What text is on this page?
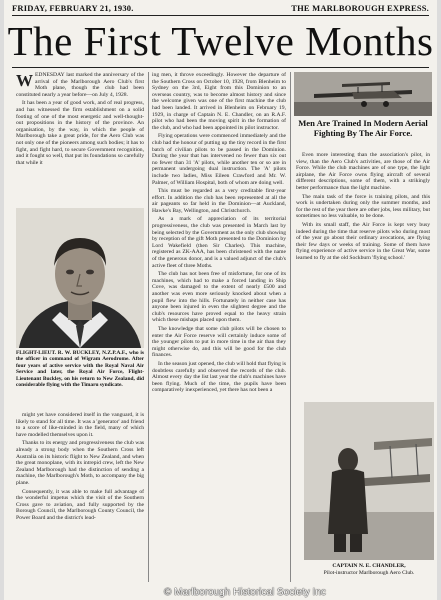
FRIDAY, FEBRUARY 21, 1930.	THE MARLBOROUGH EXPRESS.
The First Twelve Months

WEDNESDAY last marked the anniversary of the arrival of the Marlborough Aero Club's first Moth plane, though the club had been constituted nearly a year before—on July 4, 1928.

It has been a year of good work, and of real progress, and has witnessed the firm establishment on a solid footing of one of the most energetic and well-thought-out propositions in the history of the province. An organisation, by the way, in which the people of Marlborough take a great pride, for the Aero Club was not only one of the pioneers among such bodies; it has to fight, and fight hard, to secure Government recognition, and it fought so well, that put its foundations so carefully that while it

FLIGHT-LIEUT. R. W. BUCKLEY, N.Z.P.A.F., who is the officer in command of Wigram Aerodrome. After four years of active service with the Royal Naval Air Service and later, the Royal Air Force, Flight-Lieutenant Buckley, on his return to New Zealand, did considerable flying with the Timaru syndicate.

might yet have considered itself in the vanguard, it is likely to stand for all time. It was a 'generator' and friend to a score of like-minded in the field, many of which have modelled themselves upon it.

Thanks to its energy and progressiveness the club was already a strong body when the Southern Cross left Australia on its historic flight to New Zealand, and when the great monoplane, with its intrepid crew, left the New Zealand Marlborough had the distinction of sending a machine, the Marlborough's Moth, to accompany the big plane.

Consequently, it was able to make full advantage of the wonderful impetus which the visit of the Southern Cross gave to aviation, and fully supported by the Borough Council, the Marlborough County Council, the Power Board and the district's lead-

ing men, it throve exceedingly. However the departure of the Southern Cross on October 10, 1928, from Blenheim to Sydney on the 3rd, Eight from this Dominion to an overseas country, was to become almost history and since the welcome given was one of the first machine the club had been landed. It arrived in Blenheim on February 19, 1929, in charge of Captain N. E. Chandler, on an R.A.F. pilot who had been the moving spirit in the formation of the club, and who had been appointed its pilot instructor.

Flying operations were commenced immediately and the club had the honour of putting up the tiny record in the first batch of civilian pilots to be passed in the Dominion. During the year that has intervened no fewer than six out no fewer than 31 'A' pilots, while another ten or so are in permanent undergoing dual instruction. The 'A' pilots include two ladies, Miss Eileen Crawford and Mr. W. Palmer, of William Hospital, both of whom are doing well.

This must be regarded as a very creditable first-year effort. In addition the club has been represented at all the air pageants so far held in the Dominion—at Auckland, Hawke's Bay, Wellington, and Christchurch.

As a mark of appreciation of its territorial progressiveness, the club was presented in March last by being selected by the Government as the only club showing by reception of the gift Moth presented to the Dominion by Lord Wakefield (then Sir Charles). This machine, registered as ZK-AAA, has been christened with the name of the generous donor, and is a valued adjunct of the club's active fleet of three Moths.

The club has not been free of misfortune, for one of its machines, which had to make a forced landing in Ship Cove, was damaged to the extent of nearly £500 and another was even more seriously knocked about when a pupil flew into the hills. Fortunately in neither case has anyone been injured in even the slightest degree and the club's resources have proved equal to the heavy strain which these mishaps placed upon them.

The knowledge that some club pilots will be chosen to enter the Air Force reserve will certainly induce some of the younger pilots to put in more time in the air than they might otherwise do, and this will be good for the club finances.

In the season just opened, the club will hold that flying is doubtless carefully and observed the records of the club. Almost every day the list last year the club's machines have been flying. Much of the time, the pupils have been comparatively inexperienced, yet there has not been a

Men Are Trained In Modern Aerial Fighting By The Air Force.

Even more interesting than the association's pilot, in view, than the Aero Club's activities, are those of the Air Force. While the club machines are of one type, the light airplane, the Air Force owns flying aircraft of several different descriptions, some of them, with a strikingly better performance than the light machine.

The main task of the force is training pilots, and this work is undertaken during only the summer months, and for the rest of the year there are other jobs, less military, but sometimes no less valuable, to be done.

With its small staff, the Air Force is kept very busy indeed during the time that reserve pilots who during most of the year go about their ordinary avocations, are flying their few days or weeks of training. Some of them have flying experience of active service in the Great War, some learned to fly at the old Sockburn 'flying school.'

CAPTAIN N. E. CHANDLER,
Pilot-instructor Marlborough Aero Club.
© Marlborough Historical Society Inc
